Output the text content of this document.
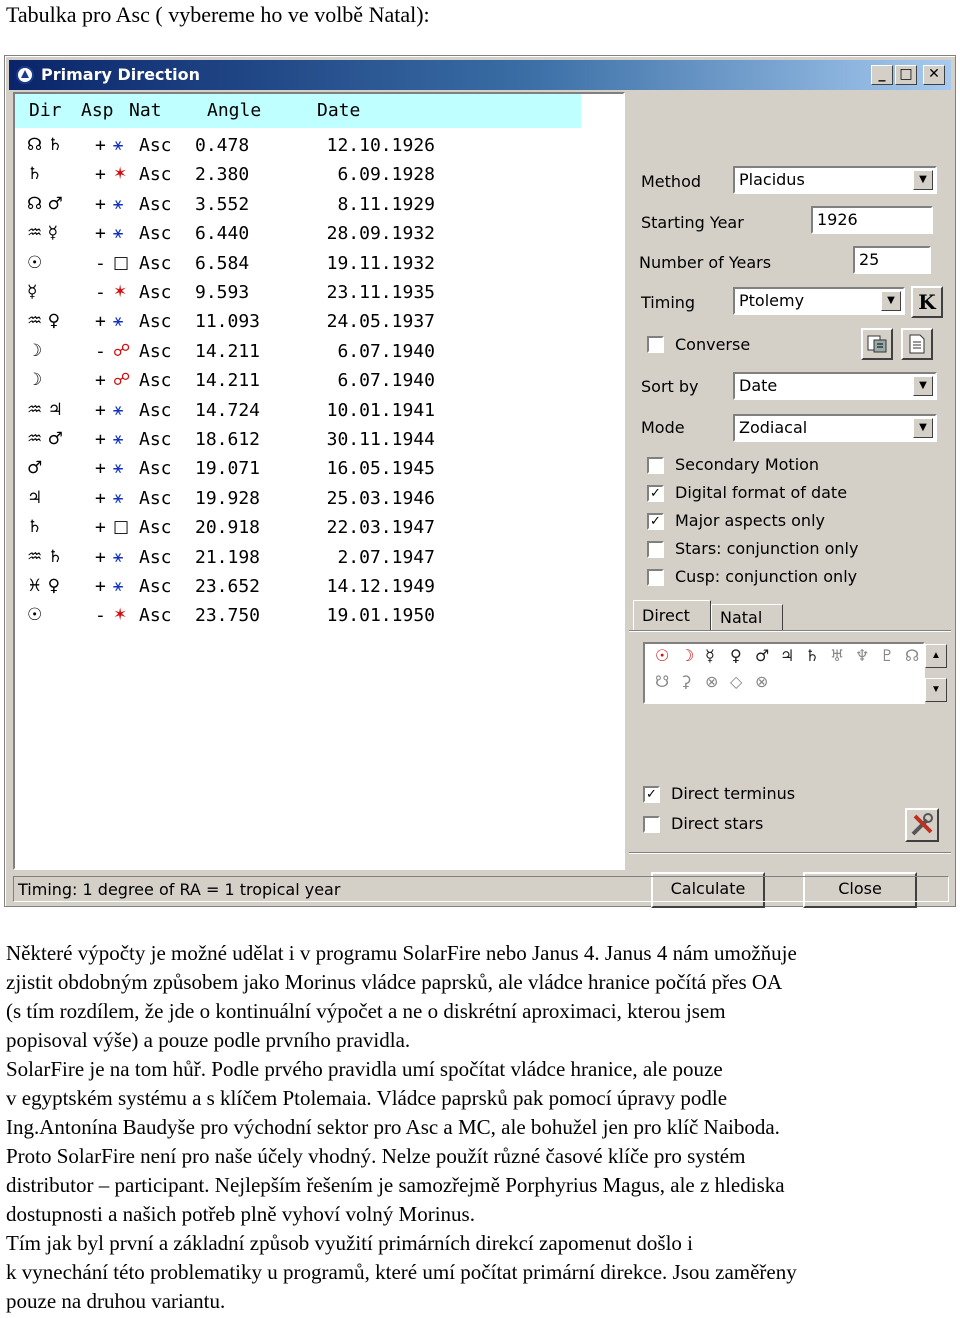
Tabulka pro Asc ( vybereme ho ve volbě Natal):
Primary Direction	_ □	✕
Dir	Asp Nat	Angle	Date
☊ ♄	+ ⚹ Asc	0.478	12.10.1926
♄	+ ✶ Asc	2.380	6.09.1928
☊ ♂	+ ⚹ Asc	3.552	8.11.1929
♒ ☿	+ ⚹ Asc	6.440	28.09.1932
☉	- □ Asc	6.584	19.11.1932
☿	- ✶ Asc	9.593	23.11.1935
♒ ♀	+ ⚹ Asc	11.093	24.05.1937
☽	- ☍ Asc	14.211	6.07.1940
☽	+ ☍ Asc	14.211	6.07.1940
♒ ♃	+ ⚹ Asc	14.724	10.01.1941
♒ ♂	+ ⚹ Asc	18.612	30.11.1944
♂	+ ⚹ Asc	19.071	16.05.1945
♃	+ ⚹ Asc	19.928	25.03.1946
♄	+ □ Asc	20.918	22.03.1947
♒ ♄	+ ⚹ Asc	21.198	2.07.1947
♓ ♀	+ ⚹ Asc	23.652	14.12.1949
☉	- ✶ Asc	23.750	19.01.1950
Method	Placidus	▼
Starting Year	1926
Number of Years	25
Timing	Ptolemy	▼	K
Converse
Sort by	Date	▼
Mode	Zodiacal	▼
Secondary Motion
✓ Digital format of date
✓ Major aspects only
Stars: conjunction only
Cusp: conjunction only
Direct	Natal
☉ ☽ ☿ ♀ ♂ ♃ ♄ ♅ ♆ ♇ ☊
☋ ⚳ ⊗ ◇ ⊗
▲
▼
✓ Direct terminus
Direct stars
Calculate	Close
Timing: 1 degree of RA = 1 tropical year
Některé výpočty je možné udělat i v programu SolarFire nebo Janus 4. Janus 4 nám umožňuje
zjistit obdobným způsobem jako Morinus vládce paprsků, ale vládce hranice počítá přes OA
(s tím rozdílem, že jde o kontinuální výpočet a ne o diskrétní aproximaci, kterou jsem
popisoval výše) a pouze podle prvního pravidla.
SolarFire je na tom hůř. Podle prvého pravidla umí spočítat vládce hranice, ale pouze
v egyptském systému a s klíčem Ptolemaia. Vládce paprsků pak pomocí úpravy podle
Ing.Antonína Baudyše pro východní sektor pro Asc a MC, ale bohužel jen pro klíč Naiboda.
Proto SolarFire není pro naše účely vhodný. Nelze použít různé časové klíče pro systém
distributor – participant. Nejlepším řešením je samozřejmě Porphyrius Magus, ale z hlediska
dostupnosti a našich potřeb plně vyhoví volný Morinus.
Tím jak byl první a základní způsob využití primárních direkcí zapomenut došlo i
k vynechání této problematiky u programů, které umí počítat primární direkce. Jsou zaměřeny
pouze na druhou variantu.
